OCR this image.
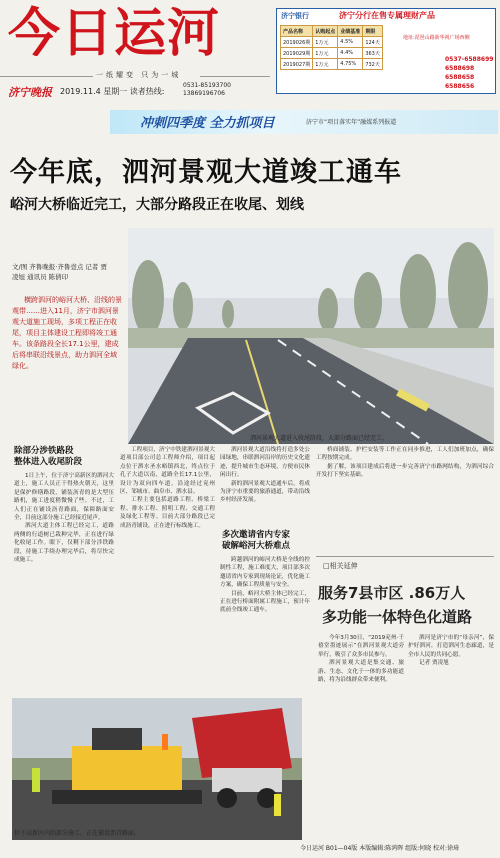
今日运河
一纸耀变 只为一城
济宁晚报 2019.11.4 星期一 读者热线:
0531-85193700
13869196706
济宁银行	济宁分行在售专属理财产品
产品名称	认购起点	业绩基准	期限
2019026期	1万元	4.5%	124天
2019029期	1万元	4.4%	363天
2019027期	1万元	4.75%	732天
地址:琵琶山路新华视广场西侧
0537-6588699
6588698
6588658
6588656
冲刺四季度 全力抓项目	济宁市“项目落实年”融媒系列报道
今年底，泗河景观大道竣工通车
峪河大桥临近完工，大部分路段正在收尾、划线
文/图 齐鲁晚报·齐鲁壹点 记者 贾凌旭 通讯员 陈倩印
横跨泗河的峪河大桥、沿线的景观带……进入11月，济宁市泗河景观大道施工现场，多项工程正在收尾，项目主体建设工程即将竣工通车。该条路段全长17.1公里，建成后将串联沿线景点，助力泗河全域绿化。
泗河景观大道进入收尾阶段，大部分路面已经完工。
除部分涉铁路段
整体进入收尾阶段

1日上午，位于济宁高新区的泗河大道上，施工人员正干得热火朝天，这里是保护修缮路段，铺装沥青的是大型压路机，施工进度稍微慢了些。不过，工人们正在铺设沥青路面，保障路面安全，目前这部分施工已经接近尾声。

泗河大道主体工程已经完工，道路两侧的行道树已栽种完毕，正在进行绿化收尾工作。眼下，仅剩下部分涉铁路段，待施工手续办理完毕后，将尽快完成施工。

工程项目，济宁中铁建泗河景观大道项目部公司总工程师介绍，项目起点位于泗水圣水峪镇西北，终点位于孔子大道以南，道路全长17.1公里，设计为双向四车道，沿途经过兖州区、邹城市、曲阜市、泗水县。

工程主要包括道路工程、桥梁工程、排水工程、照明工程、交通工程及绿化工程等。目前大部分路段已完成沥青铺设，正在进行标线施工。

泗河景观大道沿线将打造多处公园绿地，串联泗河沿岸的历史文化遗迹，提升城市生态环境，方便市民休闲出行。

新的泗河景观大道通车后，将成为济宁市重要的旅游通道，带动沿线乡村经济发展。

多次邀请省内专家
破解峪河大桥难点

跨越泗河的峪河大桥是全线的控制性工程，施工难度大，项目部多次邀请省内专家到现场论证，优化施工方案，确保工程质量与安全。

目前，峪河大桥主体已经完工，正在进行桥面附属工程施工，预计年底前全线竣工通车。

桥面铺装、护栏安装等工作正在同步推进，工人们加班加点，确保工程按期完成。

据了解，该项目建成后将进一步完善济宁市路网结构，为泗河综合开发打下坚实基础。

□相关延伸
服务7县市区 .86万人
多功能一体特色化道路

今年3月30日，“2019兖州·千禧堂墨迹展示”在泗河景观大道旁举行，吸引了众多市民参与。

泗河景观大道是集交通、旅游、生态、文化于一体的多功能道路，将为沿线群众带来便利。

泗河是济宁市的“母亲河”，保护好泗河，打造泗河生态廊道，是全市人民的共同心愿。

记者 贾凌旭

位于高新区内的部分施工，正在铺设沥青路面。
今日运河 B01—04版 本版编辑:陈鸿晖 组版:何晓 校对:徐琦
